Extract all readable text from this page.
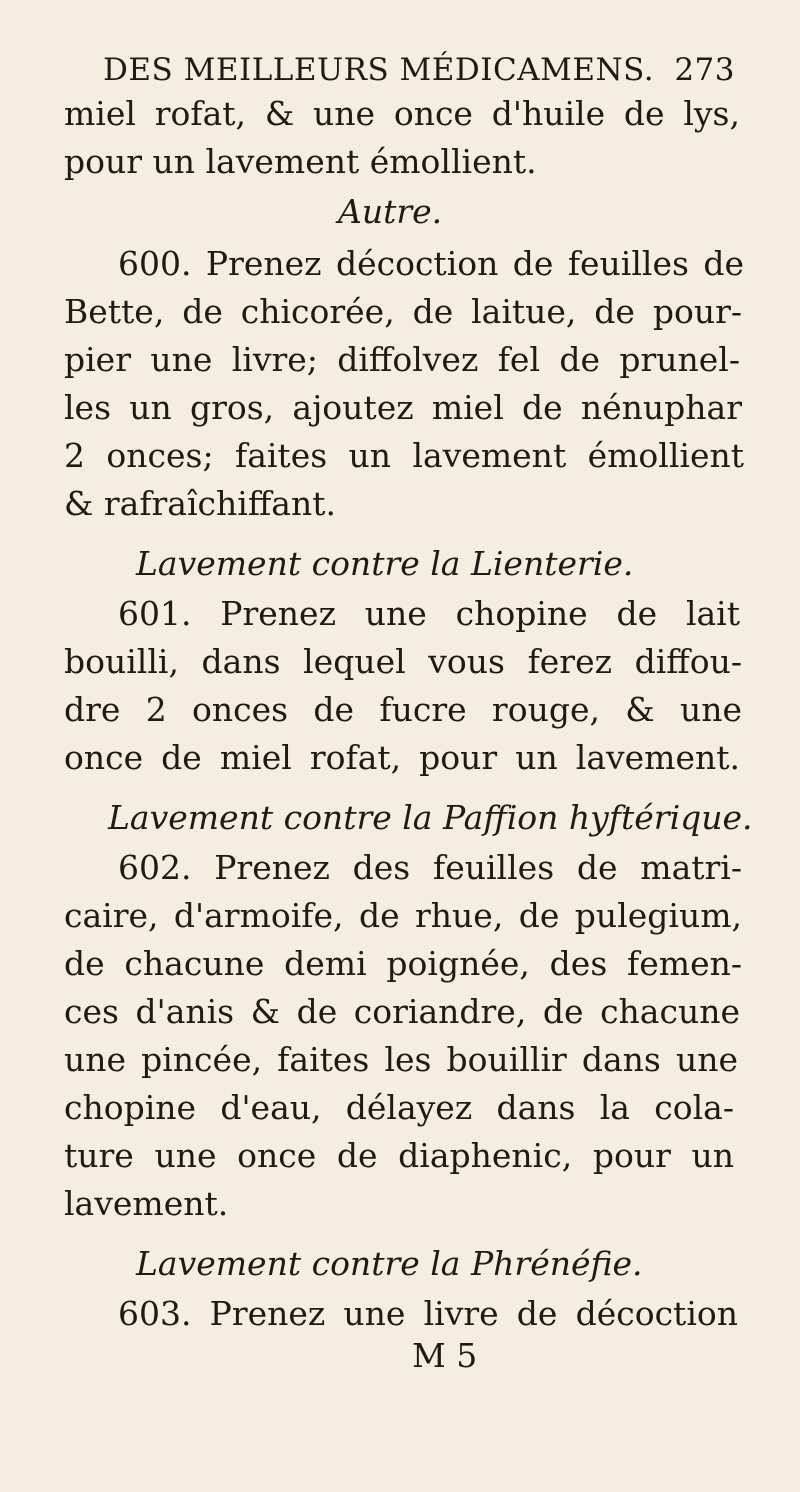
DES MEILLEURS MÉDICAMENS. 273
miel rofat, & une once d'huile de lys,
pour un lavement émollient.
Autre.
600. Prenez décoction de feuilles de
Bette, de chicorée, de laitue, de pour-
pier une livre; diffolvez fel de prunel-
les un gros, ajoutez miel de nénuphar
2 onces; faites un lavement émollient
& rafraîchiffant.
Lavement contre la Lienterie.
601. Prenez une chopine de lait
bouilli, dans lequel vous ferez diffou-
dre 2 onces de fucre rouge, & une
once de miel rofat, pour un lavement.
Lavement contre la Paffion hyftérique.
602. Prenez des feuilles de matri-
caire, d'armoife, de rhue, de pulegium,
de chacune demi poignée, des femen-
ces d'anis & de coriandre, de chacune
une pincée, faites les bouillir dans une
chopine d'eau, délayez dans la cola-
ture une once de diaphenic, pour un
lavement.
Lavement contre la Phrénéfie.
603. Prenez une livre de décoction
M 5
